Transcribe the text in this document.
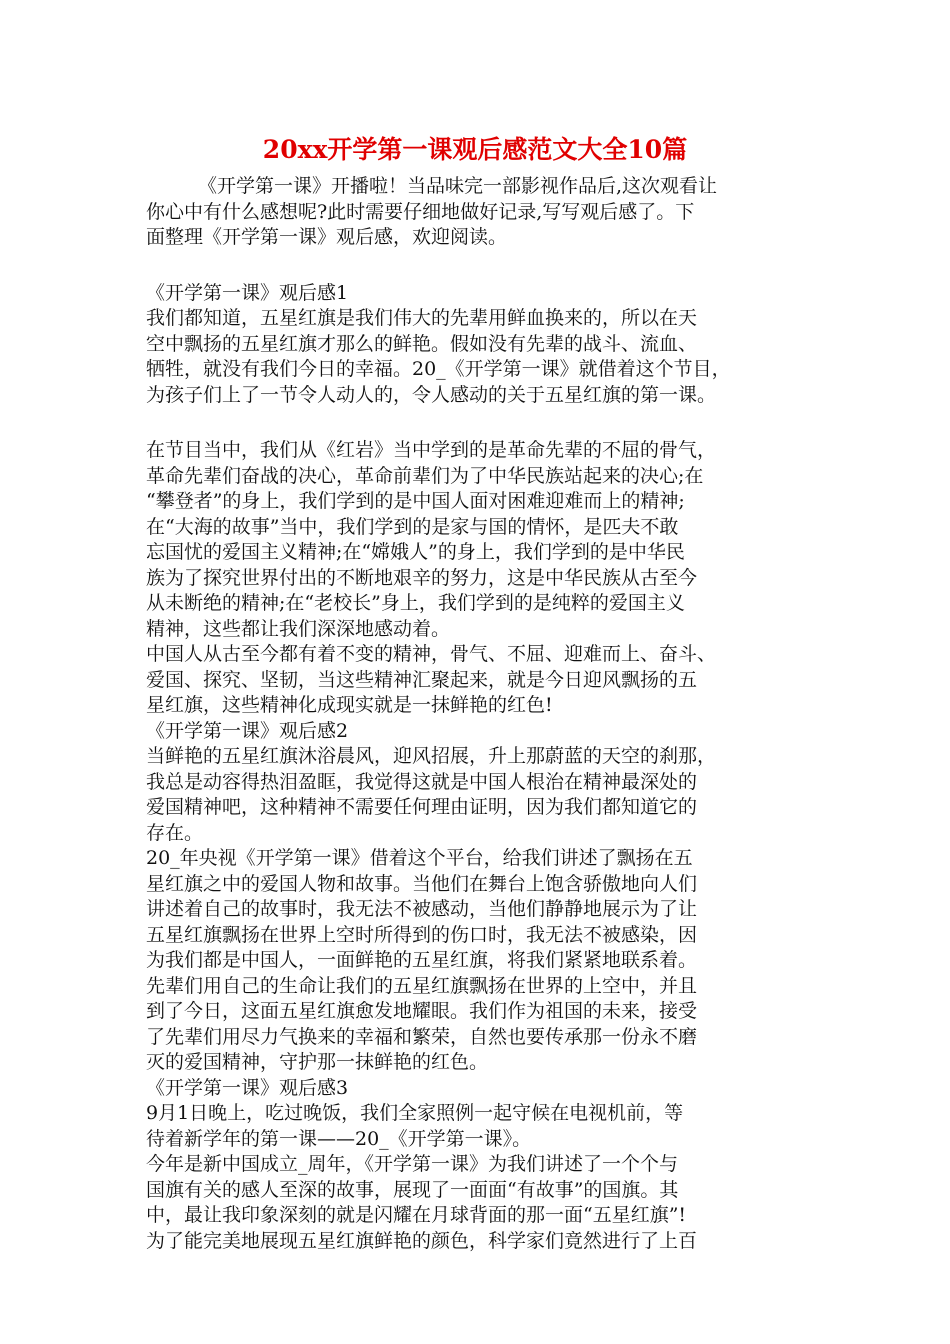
20xx开学第一课观后感范文大全10篇

《开学第一课》开播啦！当品味完一部影视作品后,这次观看让
你心中有什么感想呢?此时需要仔细地做好记录,写写观后感了。下
面整理《开学第一课》观后感，欢迎阅读。

《开学第一课》观后感1
我们都知道，五星红旗是我们伟大的先辈用鲜血换来的，所以在天
空中飘扬的五星红旗才那么的鲜艳。假如没有先辈的战斗、流血、
牺牲，就没有我们今日的幸福。20_《开学第一课》就借着这个节目，
为孩子们上了一节令人动人的，令人感动的关于五星红旗的第一课。

在节目当中，我们从《红岩》当中学到的是革命先辈的不屈的骨气，
革命先辈们奋战的决心，革命前辈们为了中华民族站起来的决心;在
“攀登者”的身上，我们学到的是中国人面对困难迎难而上的精神;
在“大海的故事”当中，我们学到的是家与国的情怀，是匹夫不敢
忘国忧的爱国主义精神;在“嫦娥人”的身上，我们学到的是中华民
族为了探究世界付出的不断地艰辛的努力，这是中华民族从古至今
从未断绝的精神;在“老校长”身上，我们学到的是纯粹的爱国主义
精神，这些都让我们深深地感动着。
中国人从古至今都有着不变的精神，骨气、不屈、迎难而上、奋斗、
爱国、探究、坚韧，当这些精神汇聚起来，就是今日迎风飘扬的五
星红旗，这些精神化成现实就是一抹鲜艳的红色!
《开学第一课》观后感2
当鲜艳的五星红旗沐浴晨风，迎风招展，升上那蔚蓝的天空的刹那，
我总是动容得热泪盈眶，我觉得这就是中国人根治在精神最深处的
爱国精神吧，这种精神不需要任何理由证明，因为我们都知道它的
存在。
20_年央视《开学第一课》借着这个平台，给我们讲述了飘扬在五
星红旗之中的爱国人物和故事。当他们在舞台上饱含骄傲地向人们
讲述着自己的故事时，我无法不被感动，当他们静静地展示为了让
五星红旗飘扬在世界上空时所得到的伤口时，我无法不被感染，因
为我们都是中国人，一面鲜艳的五星红旗，将我们紧紧地联系着。
先辈们用自己的生命让我们的五星红旗飘扬在世界的上空中，并且
到了今日，这面五星红旗愈发地耀眼。我们作为祖国的未来，接受
了先辈们用尽力气换来的幸福和繁荣，自然也要传承那一份永不磨
灭的爱国精神，守护那一抹鲜艳的红色。
《开学第一课》观后感3
9月1日晚上，吃过晚饭，我们全家照例一起守候在电视机前，等
待着新学年的第一课——20_《开学第一课》。
今年是新中国成立_周年，《开学第一课》为我们讲述了一个个与
国旗有关的感人至深的故事，展现了一面面“有故事”的国旗。其
中，最让我印象深刻的就是闪耀在月球背面的那一面“五星红旗”!
为了能完美地展现五星红旗鲜艳的颜色，科学家们竟然进行了上百
